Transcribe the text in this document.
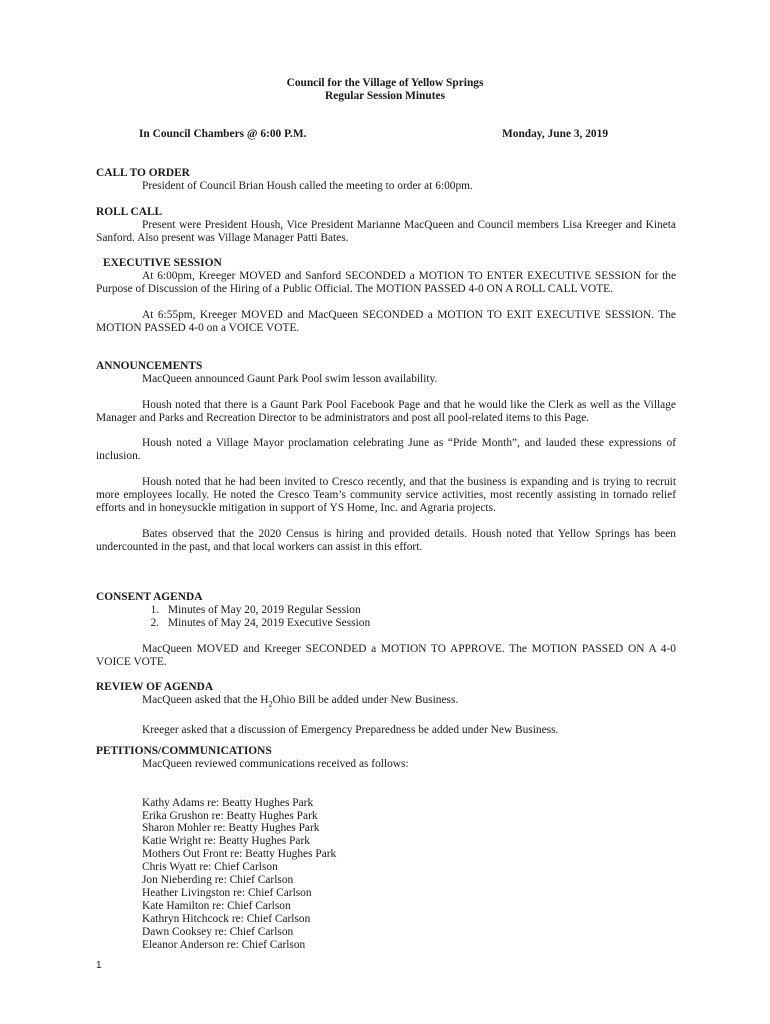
Council for the Village of Yellow Springs
Regular Session Minutes
In Council Chambers @ 6:00 P.M.	Monday, June 3, 2019
CALL TO ORDER
President of Council Brian Housh called the meeting to order at 6:00pm.
ROLL CALL
Present were President Housh, Vice President Marianne MacQueen and Council members Lisa Kreeger and Kineta Sanford. Also present was Village Manager Patti Bates.
EXECUTIVE SESSION
At 6:00pm, Kreeger MOVED and Sanford SECONDED a MOTION TO ENTER EXECUTIVE SESSION for the Purpose of Discussion of the Hiring of a Public Official. The MOTION PASSED 4-0 ON A ROLL CALL VOTE.
At 6:55pm, Kreeger MOVED and MacQueen SECONDED a MOTION TO EXIT EXECUTIVE SESSION. The MOTION PASSED 4-0 on a VOICE VOTE.
ANNOUNCEMENTS
MacQueen announced Gaunt Park Pool swim lesson availability.
Housh noted that there is a Gaunt Park Pool Facebook Page and that he would like the Clerk as well as the Village Manager and Parks and Recreation Director to be administrators and post all pool-related items to this Page.
Housh noted a Village Mayor proclamation celebrating June as “Pride Month”, and lauded these expressions of inclusion.
Housh noted that he had been invited to Cresco recently, and that the business is expanding and is trying to recruit more employees locally. He noted the Cresco Team’s community service activities, most recently assisting in tornado relief efforts and in honeysuckle mitigation in support of YS Home, Inc. and Agraria projects.
Bates observed that the 2020 Census is hiring and provided details. Housh noted that Yellow Springs has been undercounted in the past, and that local workers can assist in this effort.
CONSENT AGENDA
1. Minutes of May 20, 2019 Regular Session
2. Minutes of May 24, 2019 Executive Session
MacQueen MOVED and Kreeger SECONDED a MOTION TO APPROVE. The MOTION PASSED ON A 4-0 VOICE VOTE.
REVIEW OF AGENDA
MacQueen asked that the $H_2Ohio$ Bill be added under New Business.
Kreeger asked that a discussion of Emergency Preparedness be added under New Business.
PETITIONS/COMMUNICATIONS
MacQueen reviewed communications received as follows:
Kathy Adams re: Beatty Hughes Park
Erika Grushon re: Beatty Hughes Park
Sharon Mohler re: Beatty Hughes Park
Katie Wright re: Beatty Hughes Park
Mothers Out Front re: Beatty Hughes Park
Chris Wyatt re: Chief Carlson
Jon Nieberding re: Chief Carlson
Heather Livingston re: Chief Carlson
Kate Hamilton re: Chief Carlson
Kathryn Hitchcock re: Chief Carlson
Dawn Cooksey re: Chief Carlson
Eleanor Anderson re: Chief Carlson
1
